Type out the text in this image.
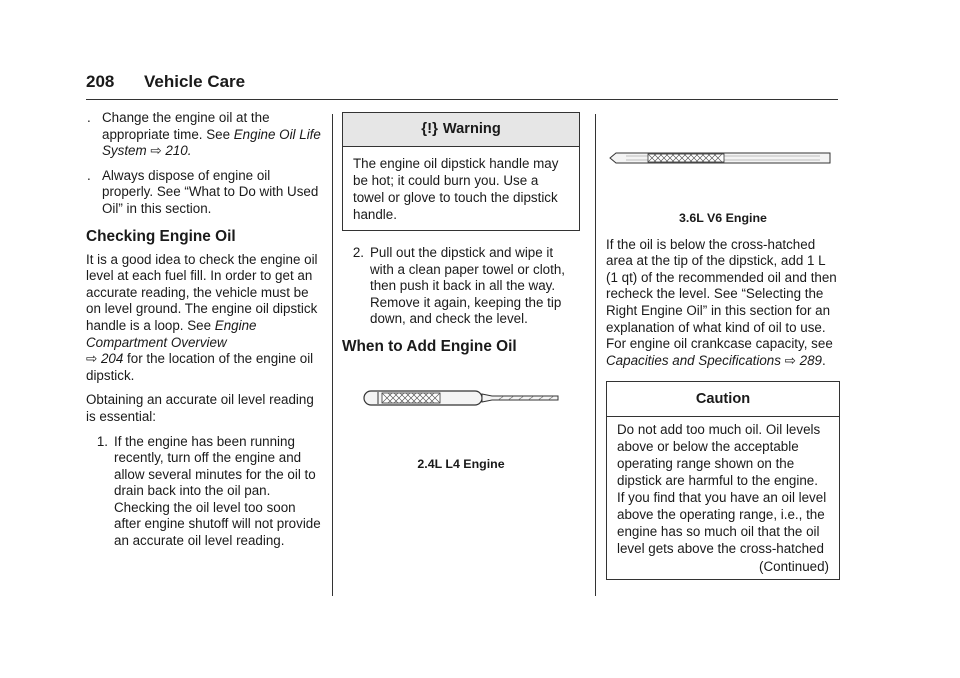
208 Vehicle Care
. Change the engine oil at the appropriate time. See Engine Oil Life System ⇨ 210.
. Always dispose of engine oil properly. See “What to Do with Used Oil” in this section.
Checking Engine Oil

It is a good idea to check the engine oil level at each fuel fill. In order to get an accurate reading, the vehicle must be on level ground. The engine oil dipstick handle is a loop. See Engine Compartment Overview
⇨ 204 for the location of the engine oil dipstick.

Obtaining an accurate oil level reading is essential:

1. If the engine has been running recently, turn off the engine and allow several minutes for the oil to drain back into the oil pan. Checking the oil level too soon after engine shutoff will not provide an accurate oil level reading.
{!} Warning
The engine oil dipstick handle may be hot; it could burn you. Use a towel or glove to touch the dipstick handle.
2. Pull out the dipstick and wipe it with a clean paper towel or cloth, then push it back in all the way. Remove it again, keeping the tip down, and check the level.
When to Add Engine Oil
2.4L L4 Engine
3.6L V6 Engine

If the oil is below the cross-hatched area at the tip of the dipstick, add 1 L (1 qt) of the recommended oil and then recheck the level. See “Selecting the Right Engine Oil” in this section for an explanation of what kind of oil to use. For engine oil crankcase capacity, see Capacities and Specifications ⇨ 289.

Caution
Do not add too much oil. Oil levels above or below the acceptable operating range shown on the dipstick are harmful to the engine. If you find that you have an oil level above the operating range, i.e., the engine has so much oil that the oil level gets above the cross-hatched
(Continued)
